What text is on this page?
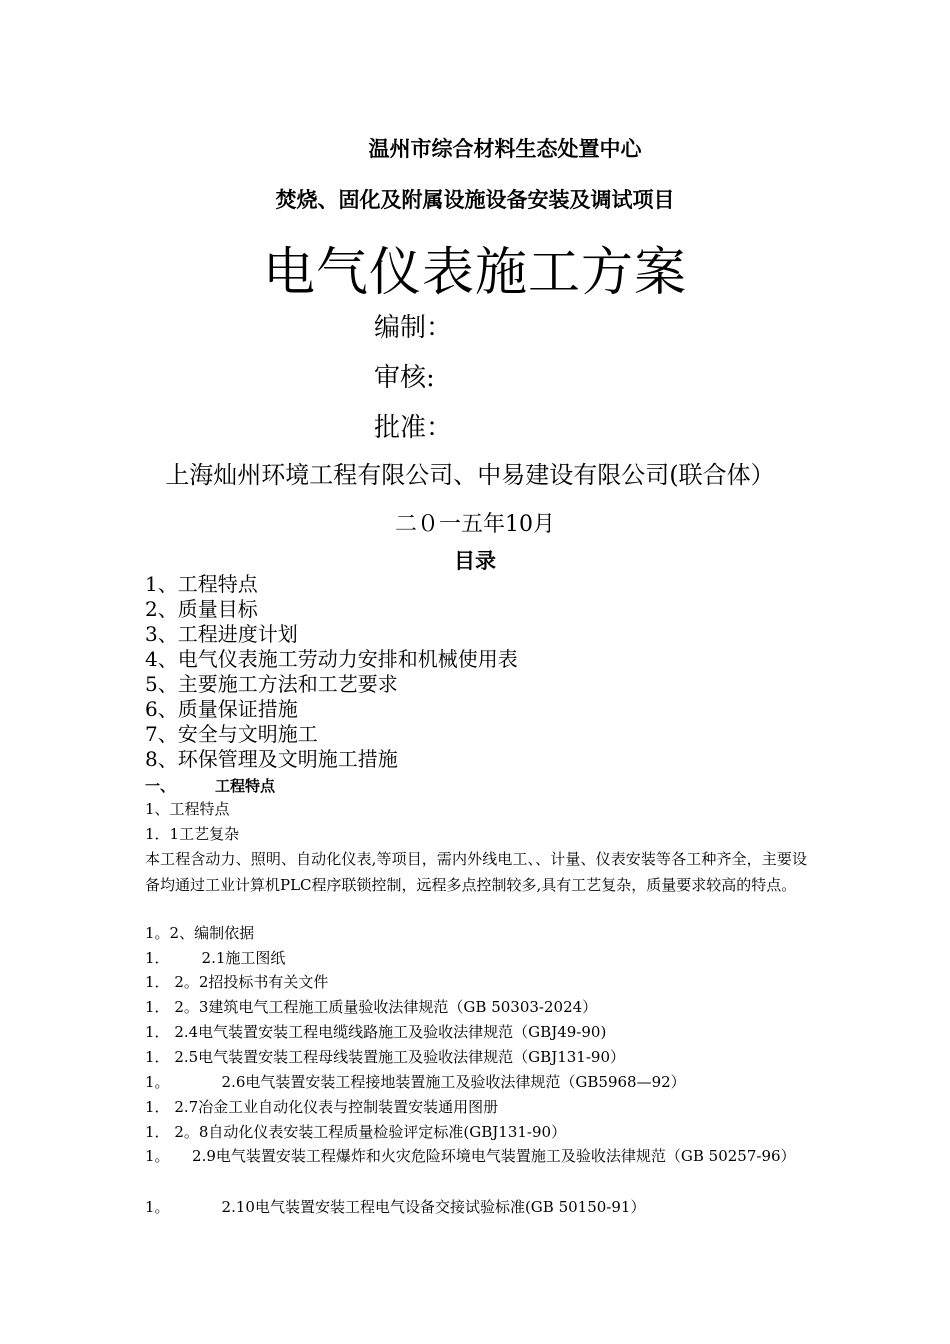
温州市综合材料生态处置中心
焚烧、固化及附属设施设备安装及调试项目
电气仪表施工方案
编制：
审核:
批准：
上海灿州环境工程有限公司、中易建设有限公司(联合体）
二０一五年10月
目录
1、工程特点
2、质量目标
3、工程进度计划
4、电气仪表施工劳动力安排和机械使用表
5、主要施工方法和工艺要求
6、质量保证措施
7、安全与文明施工
8、环保管理及文明施工措施
一、	工程特点
1、工程特点
1．1工艺复杂
本工程含动力、照明、自动化仪表,等项目，需内外线电工、、计量、仪表安装等各工种齐全，主要设备均通过工业计算机PLC程序联锁控制，远程多点控制较多,具有工艺复杂，质量要求较高的特点。
1。2、编制依据
1． 2.1施工图纸
1． 2。2招投标书有关文件
1． 2。3建筑电气工程施工质量验收法律规范（GB 50303-2024）
1． 2.4电气装置安装工程电缆线路施工及验收法律规范（GBJ49-90)
1． 2.5电气装置安装工程母线装置施工及验收法律规范（GBJ131-90）
1。	2.6电气装置安装工程接地装置施工及验收法律规范（GB5968—92）
1． 2.7冶金工业自动化仪表与控制装置安装通用图册
1． 2。8自动化仪表安装工程质量检验评定标准(GBJ131-90）
1。　　2.9电气装置安装工程爆炸和火灾危险环境电气装置施工及验收法律规范（GB 50257-96）
1。	2.10电气装置安装工程电气设备交接试验标准(GB 50150-91）
